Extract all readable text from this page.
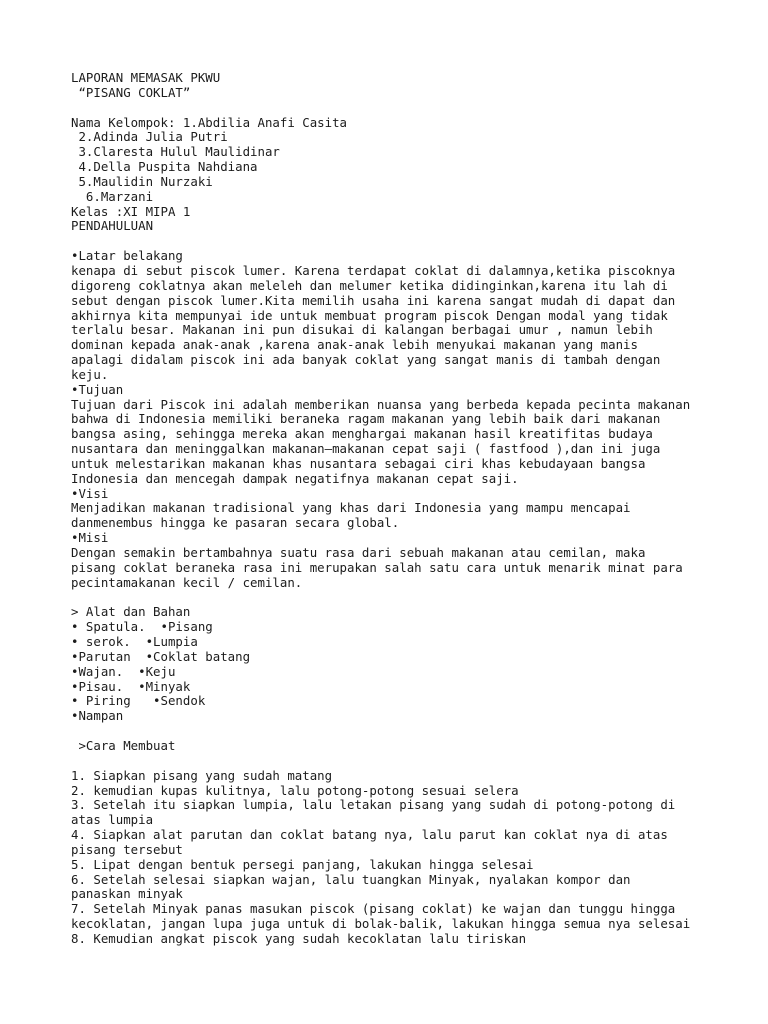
LAPORAN MEMASAK PKWU
“PISANG COKLAT”
Nama Kelompok: 1.Abdilia Anafi Casita
2.Adinda Julia Putri
3.Claresta Hulul Maulidinar
4.Della Puspita Nahdiana
5.Maulidin Nurzaki
6.Marzani
Kelas :XI MIPA 1
PENDAHULUAN
•Latar belakang
kenapa di sebut piscok lumer. Karena terdapat coklat di dalamnya,ketika piscoknya
digoreng coklatnya akan meleleh dan melumer ketika didinginkan,karena itu lah di
sebut dengan piscok lumer.Kita memilih usaha ini karena sangat mudah di dapat dan
akhirnya kita mempunyai ide untuk membuat program piscok Dengan modal yang tidak
terlalu besar. Makanan ini pun disukai di kalangan berbagai umur , namun lebih
dominan kepada anak-anak ,karena anak-anak lebih menyukai makanan yang manis
apalagi didalam piscok ini ada banyak coklat yang sangat manis di tambah dengan
keju.
•Tujuan
Tujuan dari Piscok ini adalah memberikan nuansa yang berbeda kepada pecinta makanan
bahwa di Indonesia memiliki beraneka ragam makanan yang lebih baik dari makanan
bangsa asing, sehingga mereka akan menghargai makanan hasil kreatifitas budaya
nusantara dan meninggalkan makanan–makanan cepat saji ( fastfood ),dan ini juga
untuk melestarikan makanan khas nusantara sebagai ciri khas kebudayaan bangsa
Indonesia dan mencegah dampak negatifnya makanan cepat saji.
•Visi
Menjadikan makanan tradisional yang khas dari Indonesia yang mampu mencapai
danmenembus hingga ke pasaran secara global.
•Misi
Dengan semakin bertambahnya suatu rasa dari sebuah makanan atau cemilan, maka
pisang coklat beraneka rasa ini merupakan salah satu cara untuk menarik minat para
pecintamakanan kecil / cemilan.
> Alat dan Bahan
• Spatula.  •Pisang
• serok.  •Lumpia
•Parutan  •Coklat batang
•Wajan.  •Keju
•Pisau.  •Minyak
• Piring   •Sendok
•Nampan
>Cara Membuat
1. Siapkan pisang yang sudah matang
2. kemudian kupas kulitnya, lalu potong-potong sesuai selera
3. Setelah itu siapkan lumpia, lalu letakan pisang yang sudah di potong-potong di
atas lumpia
4. Siapkan alat parutan dan coklat batang nya, lalu parut kan coklat nya di atas
pisang tersebut
5. Lipat dengan bentuk persegi panjang, lakukan hingga selesai
6. Setelah selesai siapkan wajan, lalu tuangkan Minyak, nyalakan kompor dan
panaskan minyak
7. Setelah Minyak panas masukan piscok (pisang coklat) ke wajan dan tunggu hingga
kecoklatan, jangan lupa juga untuk di bolak-balik, lakukan hingga semua nya selesai
8. Kemudian angkat piscok yang sudah kecoklatan lalu tiriskan
